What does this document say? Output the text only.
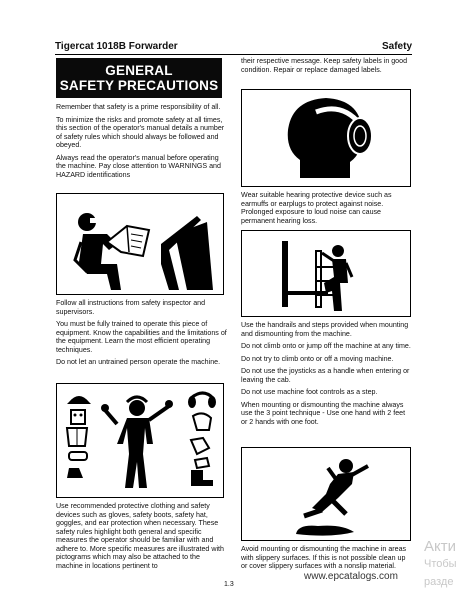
Tigercat 1018B Forwarder	Safety
GENERAL
SAFETY PRECAUTIONS

Remember that safety is a prime responsibility of all.

To minimize the risks and promote safety at all times, this section of the operator's manual details a number of safety rules which should always be followed and obeyed.

Always read the operator's manual before operating the machine. Pay close attention to WARNINGS and HAZARD identifications

Follow all instructions from safety inspector and supervisors.

You must be fully trained to operate this piece of equipment. Know the capabilities and the limitations of the equipment. Learn the most efficient operating techniques.

Do not let an untrained person operate the machine.

Use recommended protective clothing and safety devices such as gloves, safety boots, safety hat, goggles, and ear protection when necessary. These safety rules highlight both general and specific measures the operator should be familiar with and adhere to. More specific measures are illustrated with pictograms which may also be attached to the machine in locations pertinent to

their respective message. Keep safety labels in good condition. Repair or replace damaged labels.

Wear suitable hearing protective device such as earmuffs or earplugs to protect against noise. Prolonged exposure to loud noise can cause permanent hearing loss.

Use the handrails and steps provided when mounting and dismounting from the machine.

Do not climb onto or jump off the machine at any time.

Do not try to climb onto or off a moving machine.

Do not use the joysticks as a handle when entering or leaving the cab.

Do not use machine foot controls as a step.

When mounting or dismounting the machine always use the 3 point technique - Use one hand with 2 feet or 2 hands with one foot.

Avoid mounting or dismounting the machine in areas with slippery surfaces. If this is not possible clean up or cover slippery surfaces with a nonslip material.

1.3
www.epcatalogs.com
Акти
Чтобы
разде
